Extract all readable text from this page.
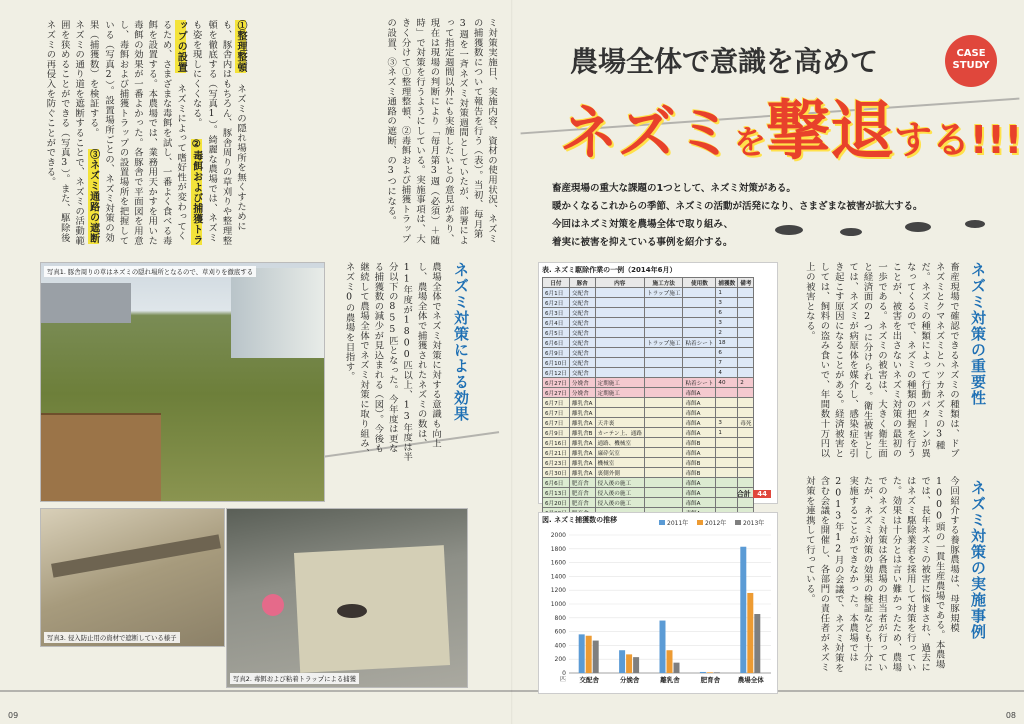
ミ対策実施日、実施内容、資材の使用状況、ネズミの捕獲数について報告を行う（表）。当初、毎月第3週を一斉ネズミ対策週間としていたが、部署によって指定週間以外にも実施したいとの意見があり、現在は現場の判断により「毎月第3週（必須）＋随時」で対策を行うようにしている。実施事項は、大きく分けて①整理整頓、②毒餌および捕獲トラップの設置、③ネズミ通路の遮断、の3つになる。
①整理整頓 ネズミの隠れ場所を無くすためにも、豚舎内はもちろん、豚舎周りの草刈りや整理整頓を徹底する（写真1）。綺麗な農場では、ネズミも姿を現しにくくなる。 ②毒餌および捕獲トラップの設置 ネズミによって嗜好性が変わってくるため、さまざまな毒餌を試し、一番よく食べる毒餌を設置する。本農場では、業務用天かすを用いた毒餌の効果が一番よかった。各豚舎で平面図を用意し、毒餌および捕獲トラップの設置場所を把握している（写真2）。設置場所ごとの、ネズミ対策の効果（捕獲数）を検証する。 ③ネズミ通路の遮断 ネズミの通り道を遮断することで、ネズミの活動範囲を狭めることができる（写真3）。また、駆除後ネズミの再侵入を防ぐことができる。
ネズミ対策による効果
農場全体でネズミ対策に対する意識も向上し、農場全体で捕獲されたネズミの数は、11年度が1800匹以上、13年度は半分以下の855匹となった。今年度は更なる捕獲数の減少が見込まれる（図）。今後も継続して農場全体でネズミ対策に取り組み、ネズミ0の農場を目指す。
写真1. 豚舎周りの草はネズミの隠れ場所となるので、草刈りを徹底する
写真3. 侵入防止用の資材で遮断している様子
写真2. 毒餌および粘着トラップによる捕獲
09
農場全体で意識を高めて	CASE
STUDY
ネズミを撃退する!!!

畜産現場の重大な課題の1つとして、ネズミ対策がある。

暖かくなるこれからの季節、ネズミの活動が活発になり、さまざまな被害が拡大する。

今回はネズミ対策を農場全体で取り組み、

着実に被害を抑えている事例を紹介する。

ネズミ対策の重要性
畜産現場で確認できるネズミの種類は、ドブネズミとクマネズミとハツカネズミの3種だ。ネズミの種類によって行動パターンが異なってくるので、ネズミの種類の把握を行うことが、被害を出さないネズミ対策の最初の一歩である。ネズミの被害は、大きく衛生面と経済面の2つに分けられる。衛生被害としては、ネズミが病原体を媒介し、感染症を引き起こす原因になることがある。経済被害としては、飼料の盗み食いで、年間数十万円以上の被害となる。
ネズミ対策の実施事例
今回紹介する養豚農場は、母豚規模1000頭の一貫生産農場である。本農場では、長年ネズミの被害に悩まされ、過去にはネズミ駆除業者を採用して対策を行っていた。効果は十分とは言い難かったため、農場でのネズミ対策は各農場の担当者が行っていたが、ネズミ対策の効果の検証なども十分に実施することができなかった。本農場では2013年12月の会議で、ネズミ対策を含む会議を開催し、各部門の責任者がネズミ対策を連携して行っている。
表. ネズミ駆除作業の一例（2014年6月）
日付	豚舎	内容	施工方法	使用数	捕獲数	備考
6月1日	交配舎		トラップ施工		1	
6月2日	交配舎				3	
6月3日	交配舎				6	
6月4日	交配舎				3	
6月5日	交配舎				2	
6月6日	交配舎		トラップ施工	粘着シート	18	
6月9日	交配舎				6	
6月10日	交配舎				7	
6月12日	交配舎				4	
6月27日	分娩舎	定期施工		粘着シート	40	2
6月27日	分娩舎	定期施工		毒餌A		
6月7日	離乳舎A			毒餌A		
6月7日	離乳舎A			毒餌A		
6月7日	離乳舎A	天井裏		毒餌A	3	毒死
6月9日	離乳舎B	カーテン上、通路		毒餌A	1	
6月16日	離乳舎A	通路、機械室		毒餌B		
6月21日	離乳舎A	廉砕気室		毒餌A		
6月23日	離乳舎A	機械室		毒餌B		
6月30日	離乳舎A	裏側外側		毒餌B		
6月6日	肥育舎	侵入後の施工		毒餌A		
6月13日	肥育舎	侵入後の施工		毒餌A		
6月20日	肥育舎	侵入後の施工		毒餌A		

合計 44
図. ネズミ捕獲数の推移
0
200
400
600
800
1000
1200
1400
1600
1800
2000
匹 交配舎	分娩舎	離乳舎	肥育舎	農場全体
2011年	2012年	2013年
08
